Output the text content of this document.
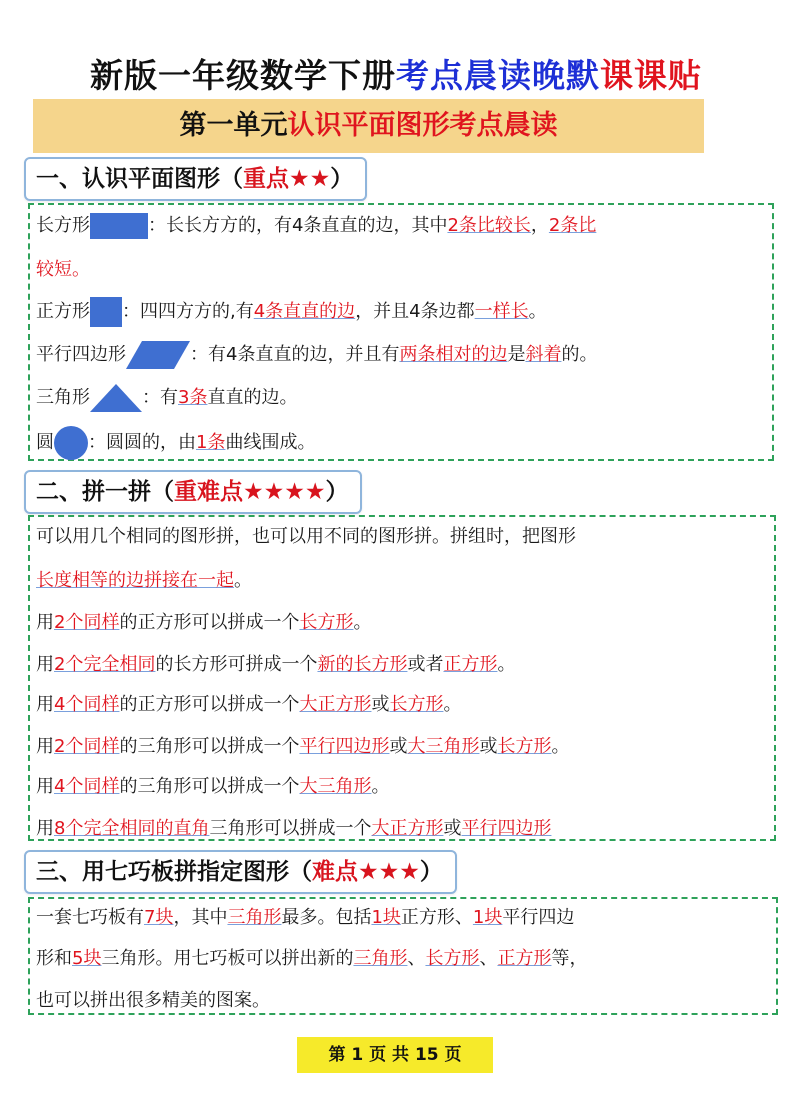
新版一年级数学下册考点晨读晚默课课贴
第一单元认识平面图形考点晨读
一、认识平面图形（重点★★）
长方形	：长长方方的，有4条直直的边，其中2条比较长，2条比
较短。
正方形 ：四四方方的,有4条直直的边，并且4条边都一样长。
平行四边形	：有4条直直的边，并且有两条相对的边是斜着的。
三角形	：有3条直直的边。
圆 ：圆圆的，由1条曲线围成。
二、拼一拼（重难点★★★★）
可以用几个相同的图形拼，也可以用不同的图形拼。拼组时，把图形
长度相等的边拼接在一起。
用2个同样的正方形可以拼成一个长方形。
用2个完全相同的长方形可拼成一个新的长方形或者正方形。
用4个同样的正方形可以拼成一个大正方形或长方形。
用2个同样的三角形可以拼成一个平行四边形或大三角形或长方形。
用4个同样的三角形可以拼成一个大三角形。
用8个完全相同的直角三角形可以拼成一个大正方形或平行四边形
三、用七巧板拼指定图形（难点★★★）
一套七巧板有7块，其中三角形最多。包括1块正方形、1块平行四边
形和5块三角形。用七巧板可以拼出新的三角形、长方形、正方形等，
也可以拼出很多精美的图案。
第 1 页 共 15 页
